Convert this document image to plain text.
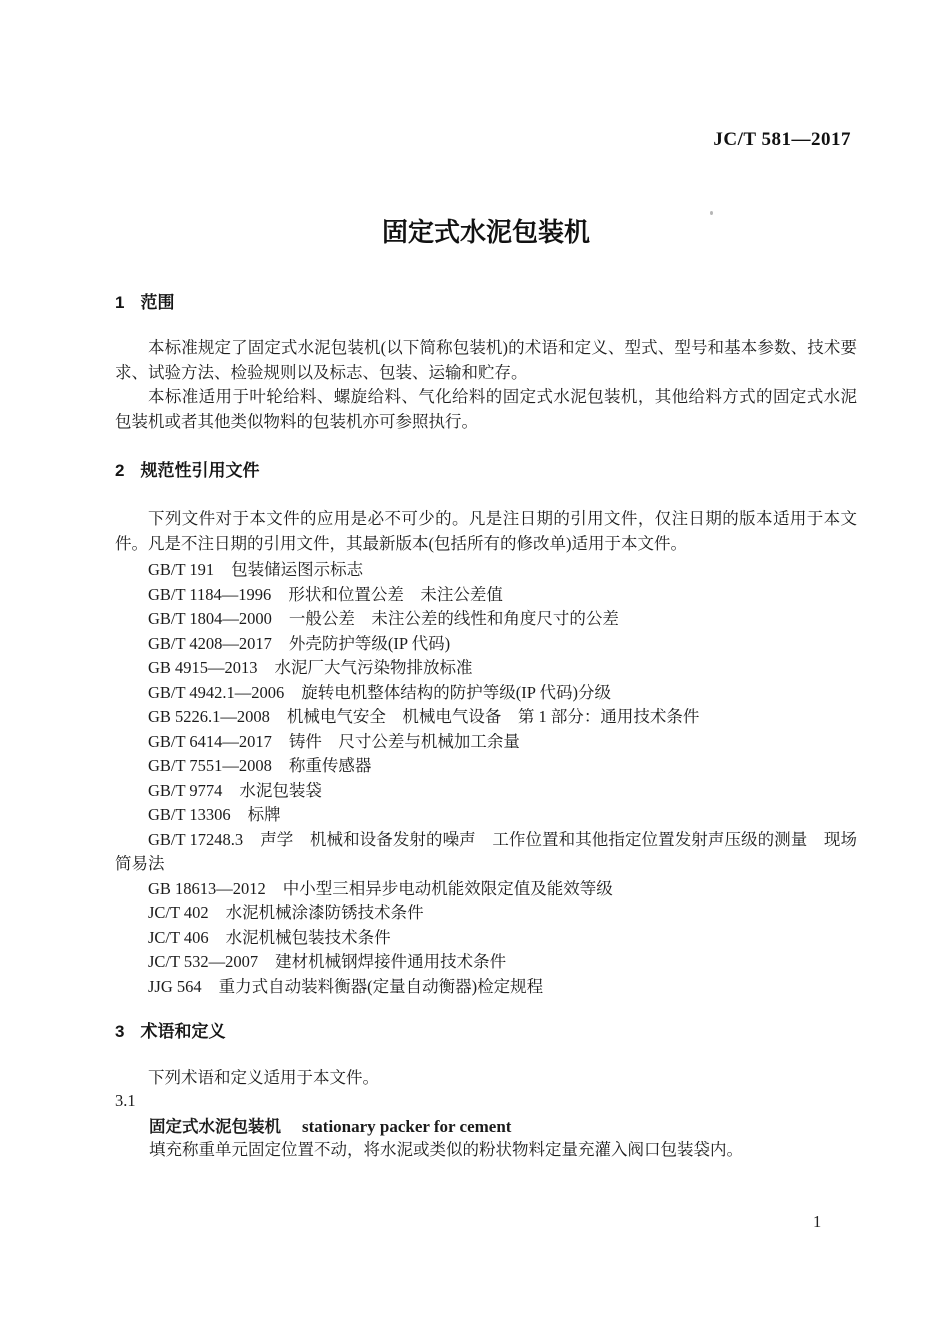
JC/T 581—2017
固定式水泥包装机
1 范围

本标准规定了固定式水泥包装机(以下简称包装机)的术语和定义、型式、型号和基本参数、技术要求、试验方法、检验规则以及标志、包装、运输和贮存。

本标准适用于叶轮给料、螺旋给料、气化给料的固定式水泥包装机，其他给料方式的固定式水泥包装机或者其他类似物料的包装机亦可参照执行。

2 规范性引用文件

下列文件对于本文件的应用是必不可少的。凡是注日期的引用文件，仅注日期的版本适用于本文件。凡是不注日期的引用文件，其最新版本(包括所有的修改单)适用于本文件。

GB/T 191 包装储运图示标志

GB/T 1184—1996 形状和位置公差　未注公差值

GB/T 1804—2000 一般公差　未注公差的线性和角度尺寸的公差

GB/T 4208—2017 外壳防护等级(IP 代码)

GB 4915—2013 水泥厂大气污染物排放标准

GB/T 4942.1—2006 旋转电机整体结构的防护等级(IP 代码)分级

GB 5226.1—2008 机械电气安全　机械电气设备　第 1 部分：通用技术条件

GB/T 6414—2017 铸件　尺寸公差与机械加工余量

GB/T 7551—2008 称重传感器

GB/T 9774 水泥包装袋

GB/T 13306 标牌

GB/T 17248.3 声学　机械和设备发射的噪声　工作位置和其他指定位置发射声压级的测量　现场简易法

GB 18613—2012 中小型三相异步电动机能效限定值及能效等级

JC/T 402 水泥机械涂漆防锈技术条件

JC/T 406 水泥机械包装技术条件

JC/T 532—2007 建材机械钢焊接件通用技术条件

JJG 564 重力式自动装料衡器(定量自动衡器)检定规程

3 术语和定义

下列术语和定义适用于本文件。

3.1

固定式水泥包装机 stationary packer for cement

填充称重单元固定位置不动，将水泥或类似的粉状物料定量充灌入阀口包装袋内。

1
